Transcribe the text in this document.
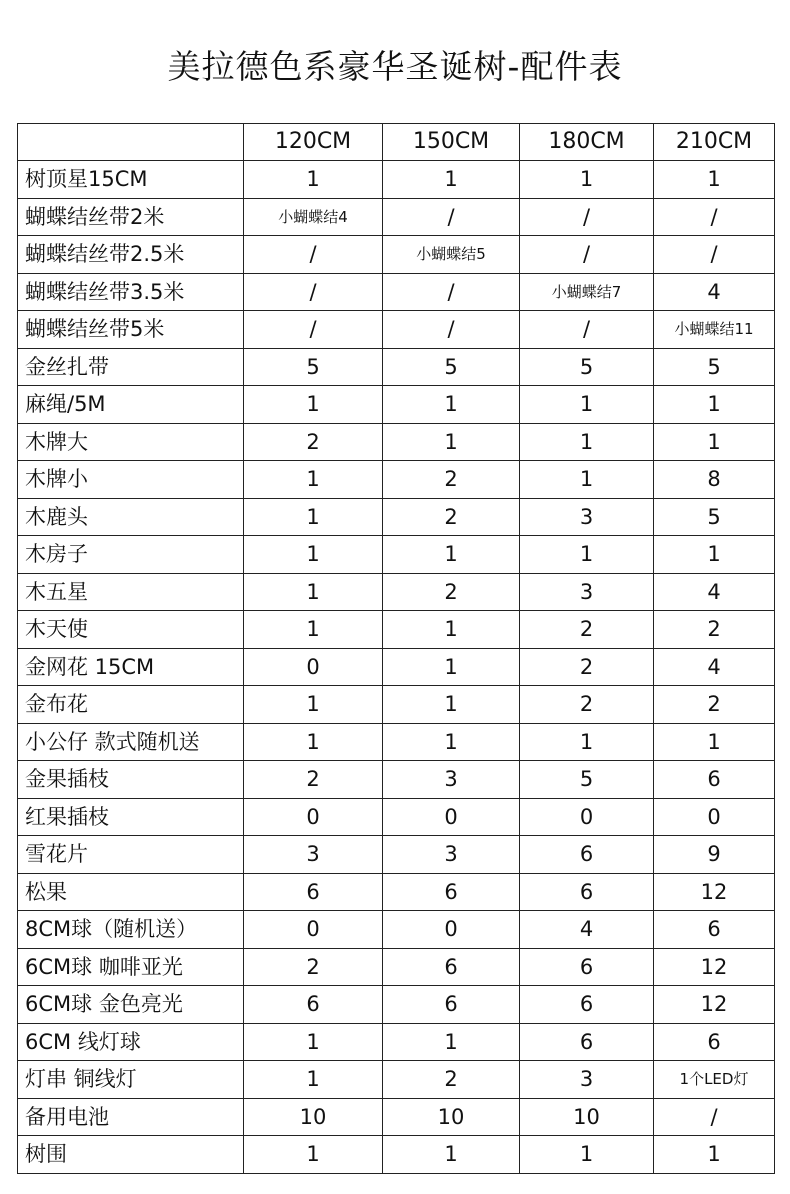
美拉德色系豪华圣诞树-配件表
	120CM	150CM	180CM	210CM
树顶星15CM	1	1	1	1
蝴蝶结丝带2米	小蝴蝶结4	/	/	/
蝴蝶结丝带2.5米	/	小蝴蝶结5	/	/
蝴蝶结丝带3.5米	/	/	小蝴蝶结7	4
蝴蝶结丝带5米	/	/	/	小蝴蝶结11
金丝扎带	5	5	5	5
麻绳/5M	1	1	1	1
木牌大	2	1	1	1
木牌小	1	2	1	8
木鹿头	1	2	3	5
木房子	1	1	1	1
木五星	1	2	3	4
木天使	1	1	2	2
金网花 15CM	0	1	2	4
金布花	1	1	2	2
小公仔 款式随机送	1	1	1	1
金果插枝	2	3	5	6
红果插枝	0	0	0	0
雪花片	3	3	6	9
松果	6	6	6	12
8CM球（随机送）	0	0	4	6
6CM球 咖啡亚光	2	6	6	12
6CM球 金色亮光	6	6	6	12
6CM 线灯球	1	1	6	6
灯串 铜线灯	1	2	3	1个LED灯
备用电池	10	10	10	/
树围	1	1	1	1
